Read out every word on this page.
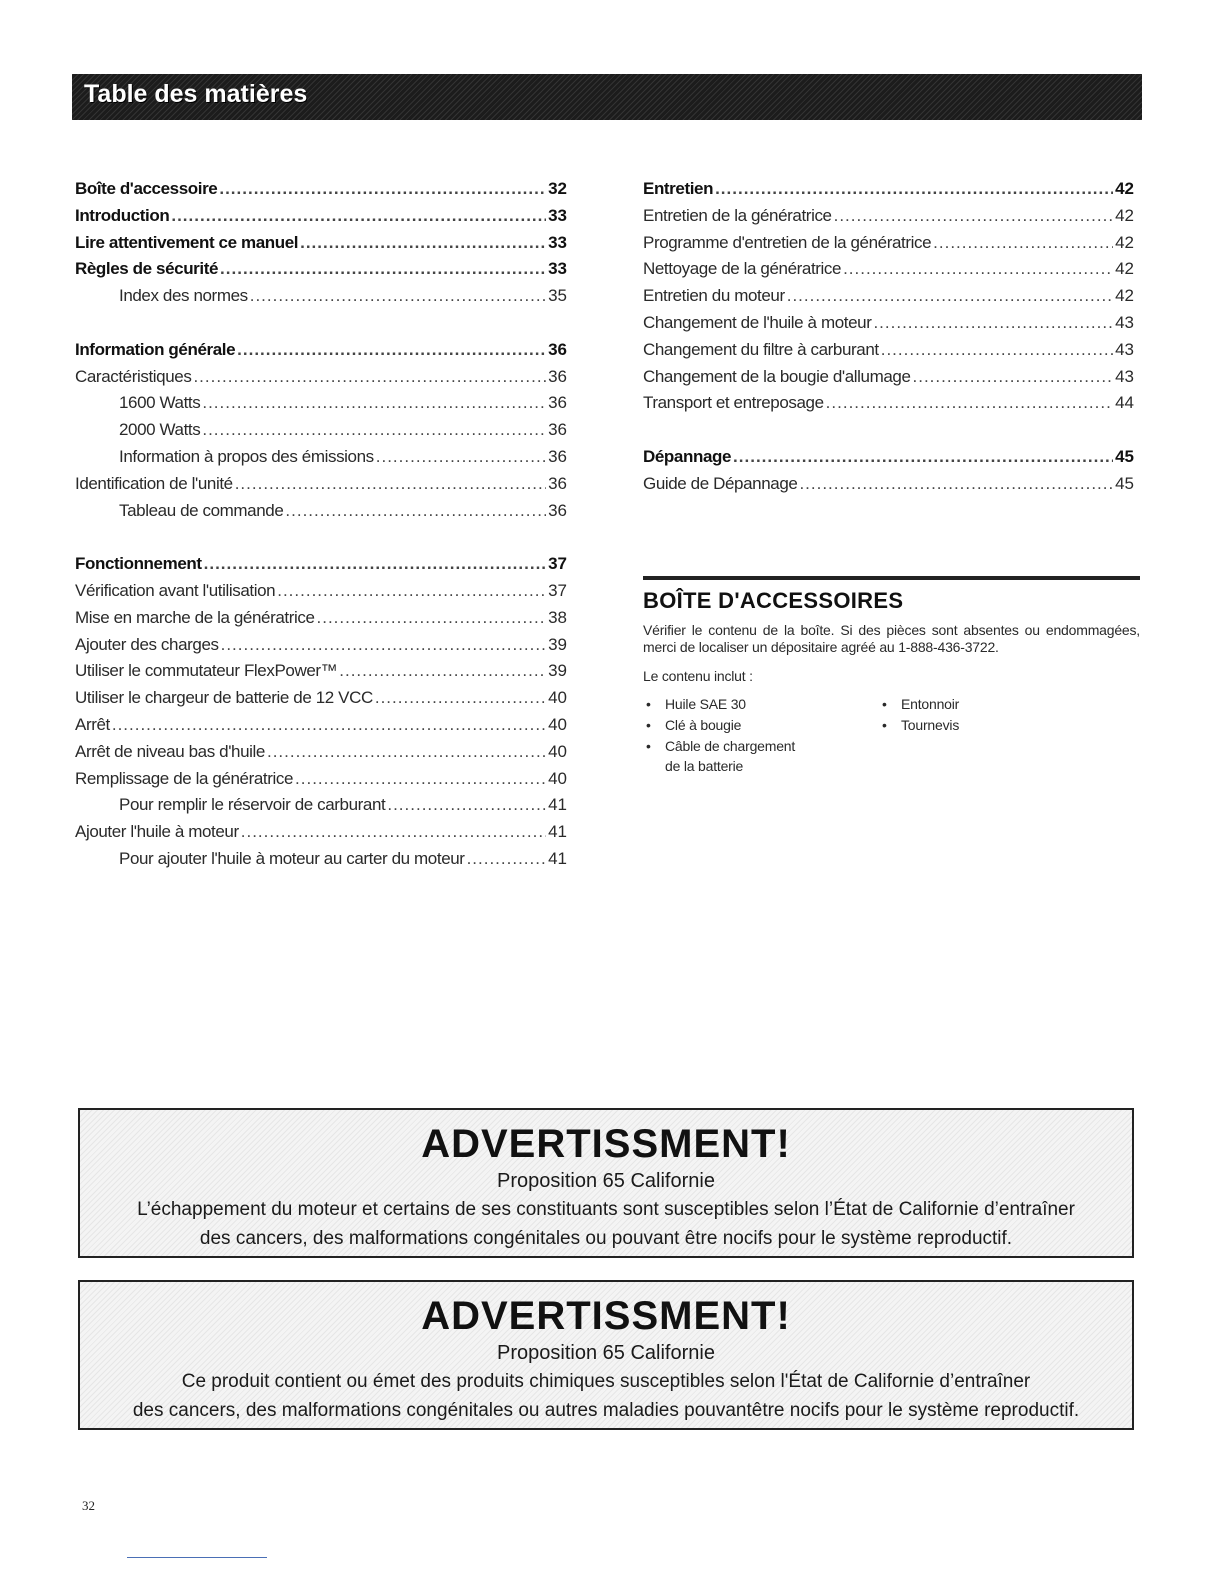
Table des matières
Boîte d'accessoire .....	32
Introduction .....	33
Lire attentivement ce manuel .....	33
Règles de sécurité .....	33
Index des normes .....	35
Information générale .....	36
Caractéristiques .....	36
1600 Watts .....	36
2000 Watts .....	36
Information à propos des émissions .....	36
Identification de l'unité .....	36
Tableau de commande .....	36
Fonctionnement .....	37
Vérification avant l'utilisation .....	37
Mise en marche de la génératrice .....	38
Ajouter des charges .....	39
Utiliser le commutateur FlexPower™ .....	39
Utiliser le chargeur de batterie de 12 VCC .....	40
Arrêt .....	40
Arrêt de niveau bas d'huile .....	40
Remplissage de la génératrice .....	40
Pour remplir le réservoir de carburant .....	41
Ajouter l'huile à moteur .....	41
Pour ajouter l'huile à moteur au carter du moteur .....	41
Entretien .....	42
Entretien de la génératrice .....	42
Programme d'entretien de la génératrice .....	42
Nettoyage de la génératrice .....	42
Entretien du moteur .....	42
Changement de l'huile à moteur .....	43
Changement du filtre à carburant .....	43
Changement de la bougie d'allumage .....	43
Transport et entreposage .....	44
Dépannage .....	45
Guide de Dépannage .....	45
BOÎTE D'ACCESSOIRES
Vérifier le contenu de la boîte. Si des pièces sont absentes ou endommagées, merci de localiser un dépositaire agréé au 1-888-436-3722.
Le contenu inclut :
• Huile SAE 30
• Clé à bougie
• Câble de chargement
de la batterie
• Entonnoir
• Tournevis
ADVERTISSMENT!
Proposition 65 Californie
L’échappement du moteur et certains de ses constituants sont susceptibles selon l’État de Californie d’entraîner
des cancers, des malformations congénitales ou pouvant être nocifs pour le système reproductif.
ADVERTISSMENT!
Proposition 65 Californie
Ce produit contient ou émet des produits chimiques susceptibles selon l'État de Californie d’entraîner
des cancers, des malformations congénitales ou autres maladies pouvantêtre nocifs pour le système reproductif.
32
